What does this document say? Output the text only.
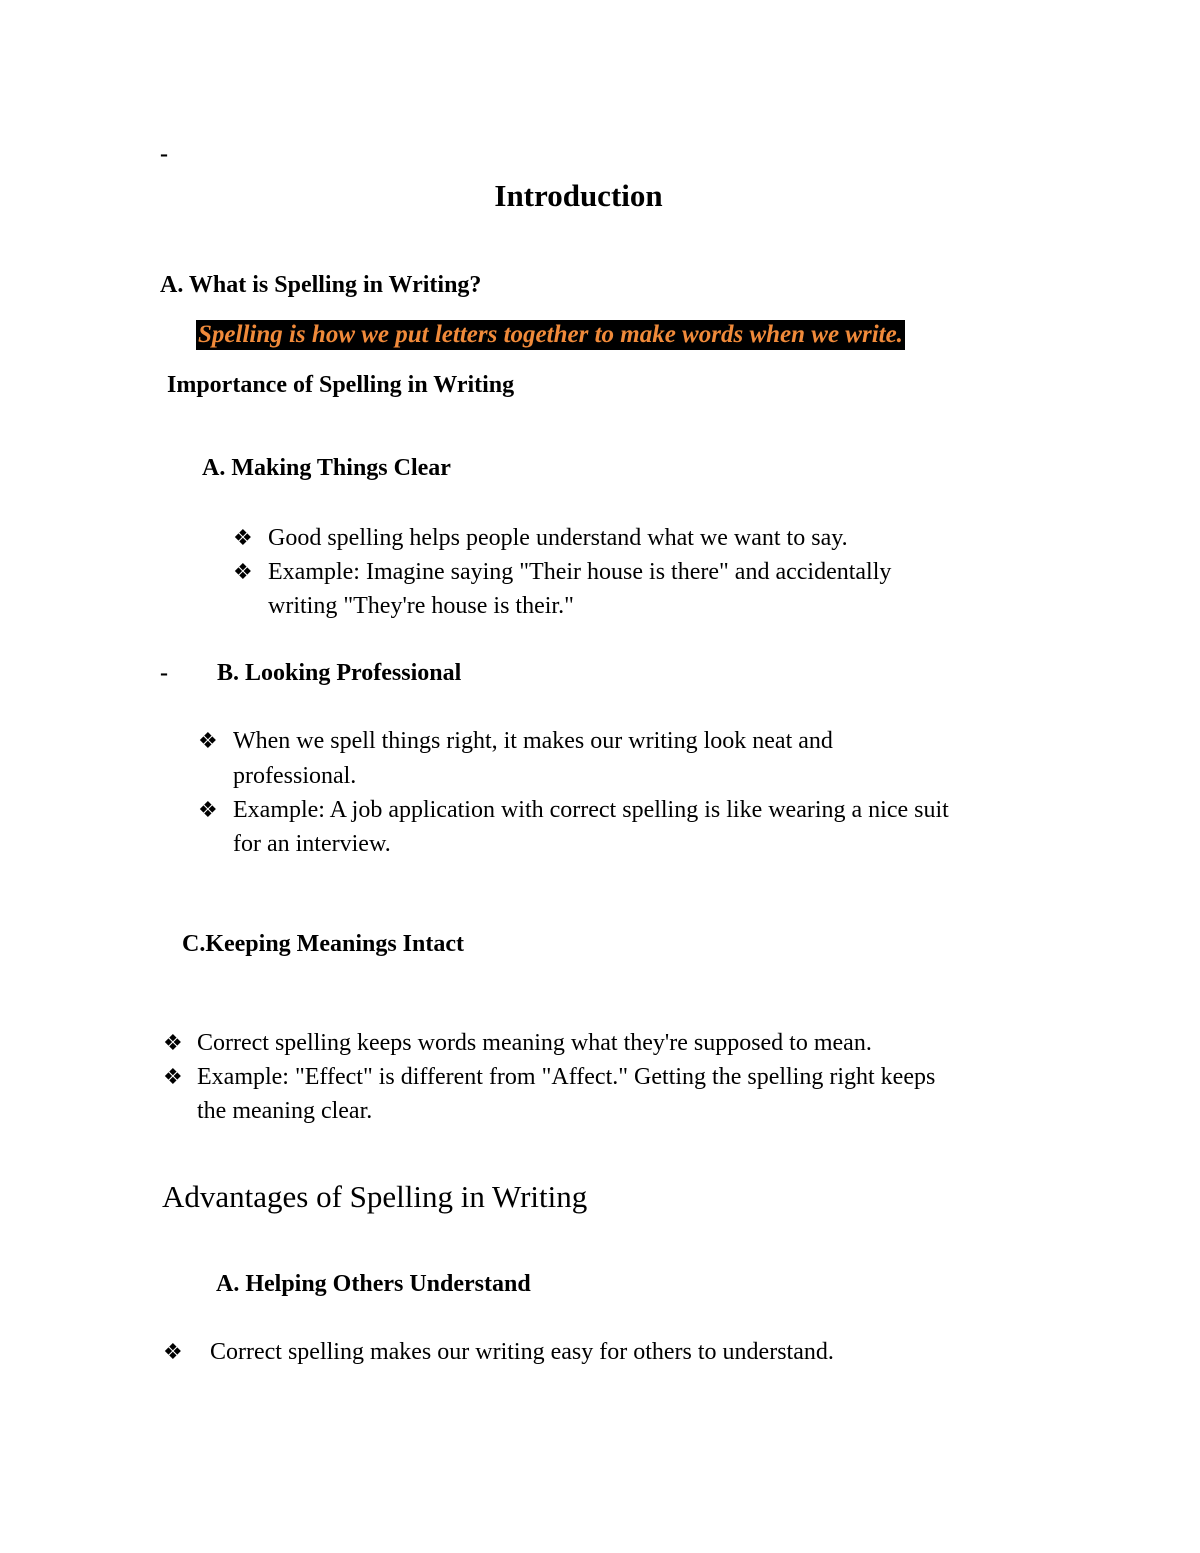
-
Introduction
A. What is Spelling in Writing?
Spelling is how we put letters together to make words when we write.
Importance of Spelling in Writing
A. Making Things Clear
❖ Good spelling helps people understand what we want to say.
❖ Example: Imagine saying "Their house is there" and accidentally
writing "They're house is their."
- B. Looking Professional
❖ When we spell things right, it makes our writing look neat and
professional.
❖ Example: A job application with correct spelling is like wearing a nice suit
for an interview.
C.Keeping Meanings Intact
❖ Correct spelling keeps words meaning what they're supposed to mean.
❖ Example: "Effect" is different from "Affect." Getting the spelling right keeps
the meaning clear.
Advantages of Spelling in Writing
A. Helping Others Understand
❖ Correct spelling makes our writing easy for others to understand.
